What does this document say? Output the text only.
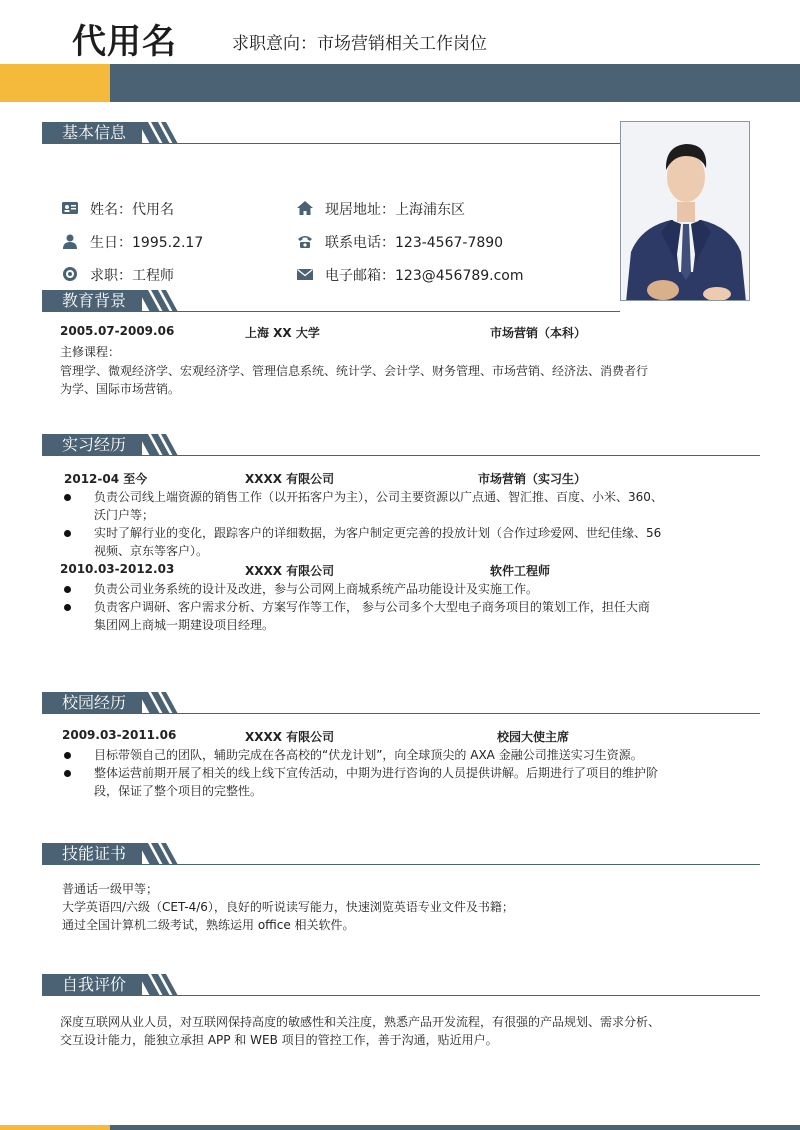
代用名	求职意向：市场营销相关工作岗位
基本信息
姓名：代用名
生日：1995.2.17
求职：工程师
现居地址：上海浦东区
联系电话：123-4567-7890
电子邮箱：123@456789.com
教育背景
2005.07-2009.06	上海 XX 大学	市场营销（本科）
主修课程：
管理学、微观经济学、宏观经济学、管理信息系统、统计学、会计学、财务管理、市场营销、经济法、消费者行
为学、国际市场营销。
实习经历
2012-04 至今	XXXX 有限公司	市场营销（实习生）
负责公司线上端资源的销售工作（以开拓客户为主），公司主要资源以广点通、智汇推、百度、小米、360、
沃门户等；
实时了解行业的变化，跟踪客户的详细数据，为客户制定更完善的投放计划（合作过珍爱网、世纪佳缘、56
视频、京东等客户）。
2010.03-2012.03	XXXX 有限公司	软件工程师
负责公司业务系统的设计及改进，参与公司网上商城系统产品功能设计及实施工作。
负责客户调研、客户需求分析、方案写作等工作， 参与公司多个大型电子商务项目的策划工作，担任大商
集团网上商城一期建设项目经理。
校园经历
2009.03-2011.06	XXXX 有限公司	校园大使主席
目标带领自己的团队，辅助完成在各高校的“伏龙计划”，向全球顶尖的 AXA 金融公司推送实习生资源。
整体运营前期开展了相关的线上线下宣传活动，中期为进行咨询的人员提供讲解。后期进行了项目的维护阶
段，保证了整个项目的完整性。
技能证书
普通话一级甲等；
大学英语四/六级（CET-4/6），良好的听说读写能力，快速浏览英语专业文件及书籍；
通过全国计算机二级考试，熟练运用 office 相关软件。
自我评价
深度互联网从业人员，对互联网保持高度的敏感性和关注度，熟悉产品开发流程，有很强的产品规划、需求分析、
交互设计能力，能独立承担 APP 和 WEB 项目的管控工作，善于沟通，贴近用户。
